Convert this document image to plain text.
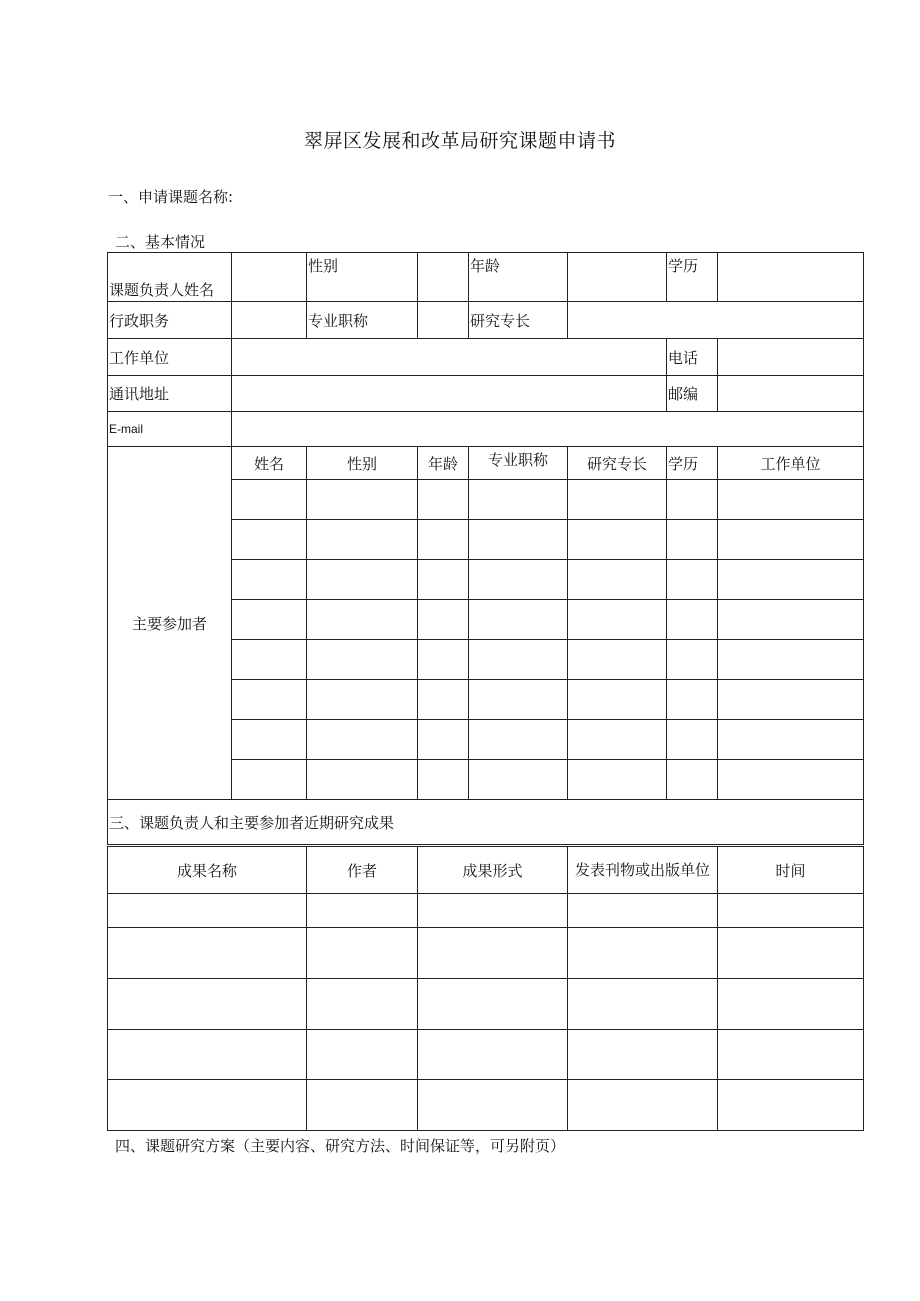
翠屏区发展和改革局研究课题申请书
一、申请课题名称:
二、基本情况
课题负责人姓名		性别		年龄		学历	
行政职务		专业职称		研究专长			
工作单位						电话	
通讯地址						邮编	
E-mail							
主要参加者	姓名	性别	年龄	专业职称	研究专长	学历	工作单位

三、课题负责人和主要参加者近期研究成果							
成果名称	作者	成果形式	发表刊物或出版单位	时间

四、课题研究方案（主要内容、研究方法、时间保证等，可另附页）
